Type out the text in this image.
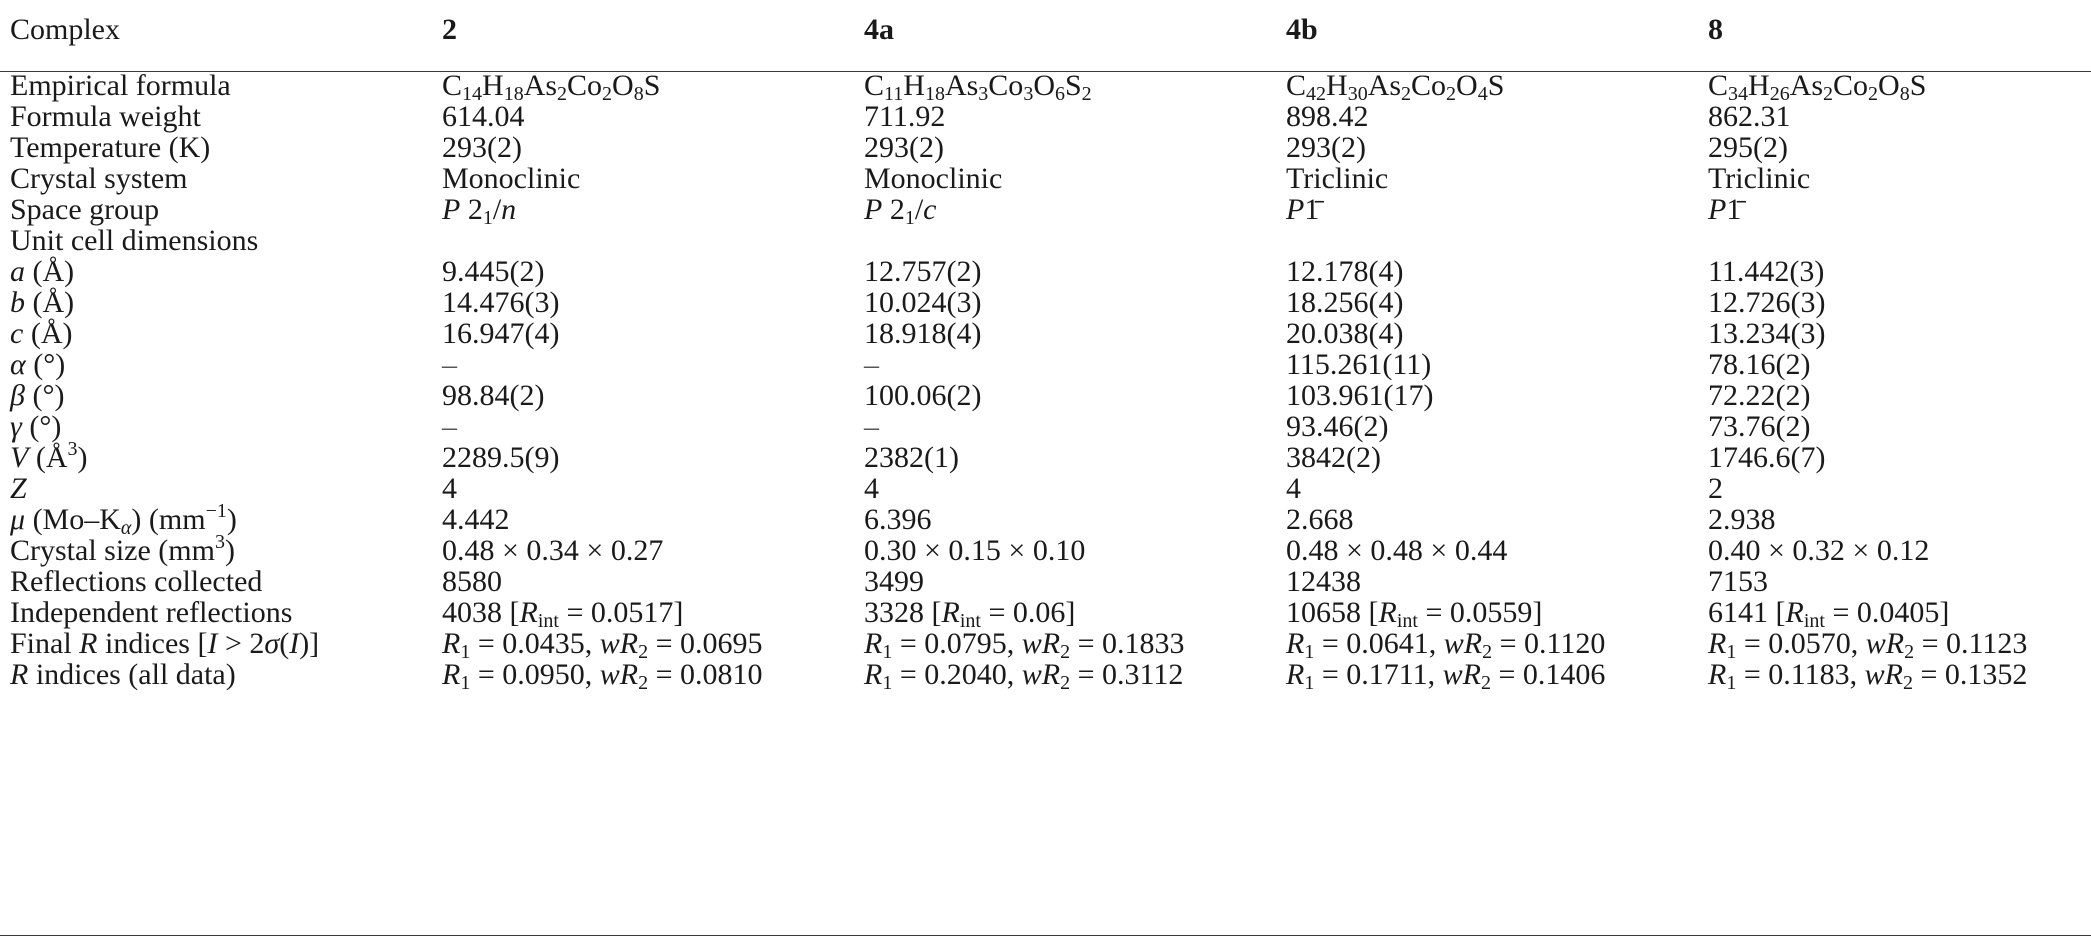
Complex	2	4a	4b	8
Empirical formula	$C_{14}H_{18}As_2Co_2O_8S$	$C_{11}H_{18}As_3Co_3O_6S_2$	$C_{42}H_{30}As_2Co_2O_4S$	$C_{34}H_{26}As_2Co_2O_8S$
Formula weight	614.04	711.92	898.42	862.31
Temperature (K)	293(2)	293(2)	293(2)	295(2)
Crystal system	Monoclinic	Monoclinic	Triclinic	Triclinic
Space group	P $2_1/n$	P $2_1/c$	P1̄	P1̄
Unit cell dimensions
a (Å)	9.445(2)	12.757(2)	12.178(4)	11.442(3)
b (Å)	14.476(3)	10.024(3)	18.256(4)	12.726(3)
c (Å)	16.947(4)	18.918(4)	20.038(4)	13.234(3)
α (°)	–	–	115.261(11)	78.16(2)
β (°)	98.84(2)	100.06(2)	103.961(17)	72.22(2)
γ (°)	–	–	93.46(2)	73.76(2)
V $(Å^3)$	2289.5(9)	2382(1)	3842(2)	1746.6(7)
Z	4	4	4	2
μ $(Mo-K_\alpha)$ $(mm^{-1})$	4.442	6.396	2.668	2.938
Crystal size $(mm^3)$	0.48 × 0.34 × 0.27	0.30 × 0.15 × 0.10	0.48 × 0.48 × 0.44	0.40 × 0.32 × 0.12
Reflections collected	8580	3499	12438	7153
Independent reflections	4038 $[R_{int} = 0.0517]$	3328 $[R_{int} = 0.06]$	10658 $[R_{int} = 0.0559]$	6141 $[R_{int} = 0.0405]$
Final R indices [I > 2σ(I)]	$R_1 = 0.0435$, $wR_2 = 0.0695$	$R_1 = 0.0795$, $wR_2 = 0.1833$	$R_1 = 0.0641$, $wR_2 = 0.1120$	$R_1 = 0.0570$, $wR_2 = 0.1123$
R indices (all data)	$R_1 = 0.0950$, $wR_2 = 0.0810$	$R_1 = 0.2040$, $wR_2 = 0.3112$	$R_1 = 0.1711$, $wR_2 = 0.1406$	$R_1 = 0.1183$, $wR_2 = 0.1352$
